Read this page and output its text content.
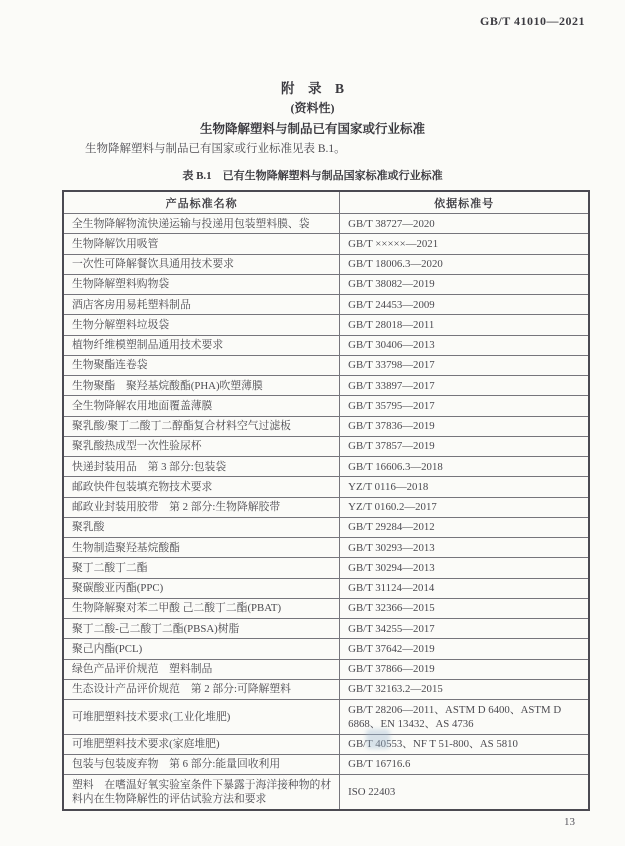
GB/T 41010—2021
附　录　B
(资料性)
生物降解塑料与制品已有国家或行业标准

生物降解塑料与制品已有国家或行业标准见表 B.1。

表 B.1　已有生物降解塑料与制品国家标准或行业标准
产品标准名称	依据标准号
全生物降解物流快递运输与投递用包装塑料膜、袋	GB/T 38727—2020
生物降解饮用吸管	GB/T ×××××—2021
一次性可降解餐饮具通用技术要求	GB/T 18006.3—2020
生物降解塑料购物袋	GB/T 38082—2019
酒店客房用易耗塑料制品	GB/T 24453—2009
生物分解塑料垃圾袋	GB/T 28018—2011
植物纤维模塑制品通用技术要求	GB/T 30406—2013
生物聚酯连卷袋	GB/T 33798—2017
生物聚酯　聚羟基烷酸酯(PHA)吹塑薄膜	GB/T 33897—2017
全生物降解农用地面覆盖薄膜	GB/T 35795—2017
聚乳酸/聚丁二酸丁二醇酯复合材料空气过滤板	GB/T 37836—2019
聚乳酸热成型一次性验尿杯	GB/T 37857—2019
快递封装用品　第 3 部分:包装袋	GB/T 16606.3—2018
邮政快件包装填充物技术要求	YZ/T 0116—2018
邮政业封装用胶带　第 2 部分:生物降解胶带	YZ/T 0160.2—2017
聚乳酸	GB/T 29284—2012
生物制造聚羟基烷酸酯	GB/T 30293—2013
聚丁二酸丁二酯	GB/T 30294—2013
聚碳酸亚丙酯(PPC)	GB/T 31124—2014
生物降解聚对苯二甲酸 己二酸丁二酯(PBAT)	GB/T 32366—2015
聚丁二酸-己二酸丁二酯(PBSA)树脂	GB/T 34255—2017
聚己内酯(PCL)	GB/T 37642—2019
绿色产品评价规范　塑料制品	GB/T 37866—2019
生态设计产品评价规范　第 2 部分:可降解塑料	GB/T 32163.2—2015
可堆肥塑料技术要求(工业化堆肥)	GB/T 28206—2011、ASTM D 6400、ASTM D 6868、EN 13432、AS 4736
可堆肥塑料技术要求(家庭堆肥)	GB/T 40553、NF T 51-800、AS 5810
包装与包装废弃物　第 6 部分:能量回收利用	GB/T 16716.6
塑料　在嗜温好氧实验室条件下暴露于海洋接种物的材料内在生物降解性的评估试验方法和要求	ISO 22403
13
